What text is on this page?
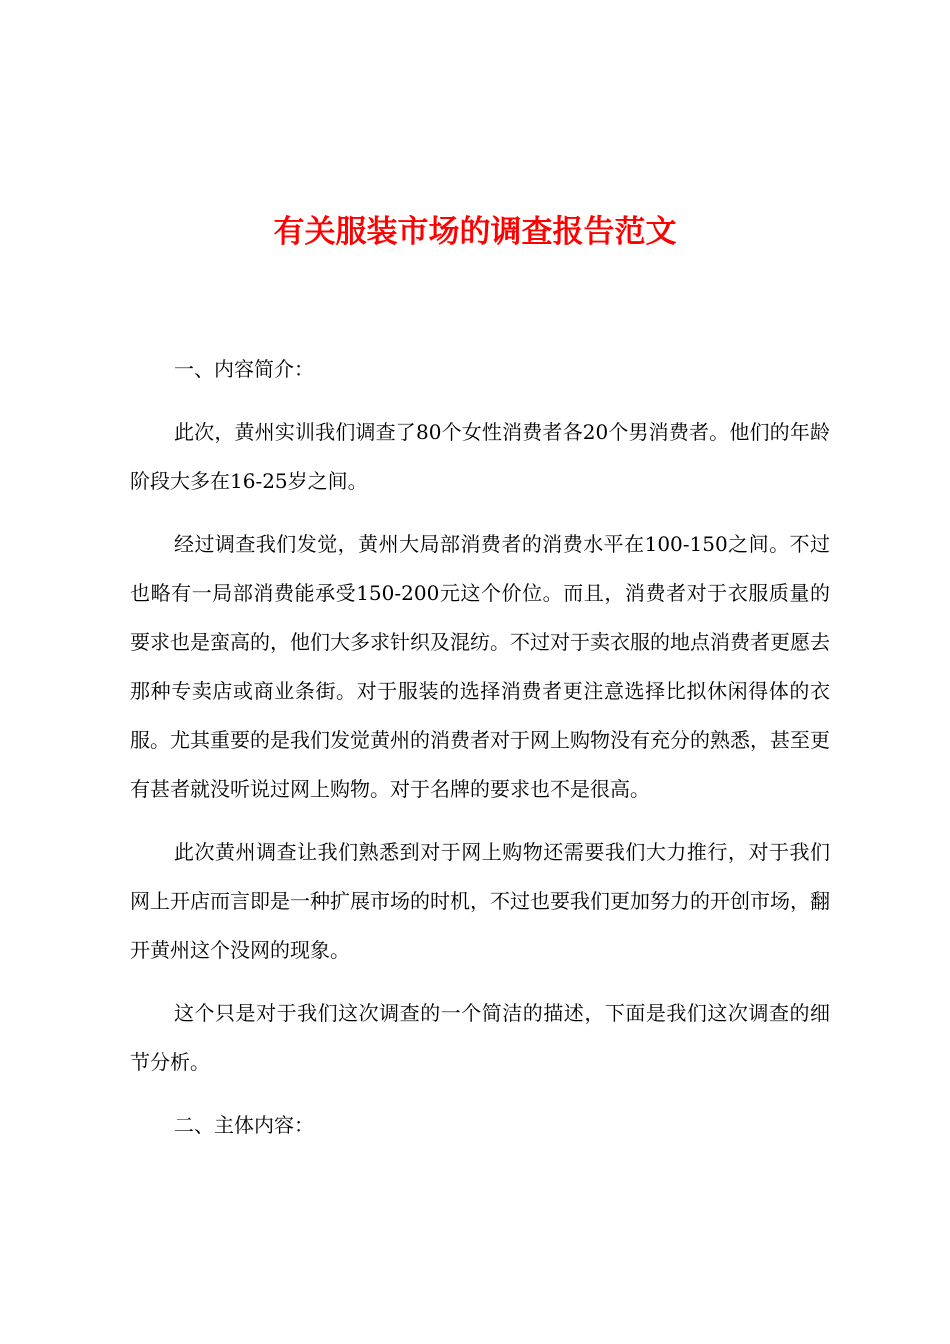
有关服装市场的调查报告范文

一、内容简介：

此次，黄州实训我们调查了80个女性消费者各20个男消费者。他们的年龄阶段大多在16-25岁之间。

经过调查我们发觉，黄州大局部消费者的消费水平在100-150之间。不过也略有一局部消费能承受150-200元这个价位。而且，消费者对于衣服质量的要求也是蛮高的，他们大多求针织及混纺。不过对于卖衣服的地点消费者更愿去那种专卖店或商业条街。对于服装的选择消费者更注意选择比拟休闲得体的衣服。尤其重要的是我们发觉黄州的消费者对于网上购物没有充分的熟悉，甚至更有甚者就没听说过网上购物。对于名牌的要求也不是很高。

此次黄州调查让我们熟悉到对于网上购物还需要我们大力推行，对于我们网上开店而言即是一种扩展市场的时机，不过也要我们更加努力的开创市场，翻开黄州这个没网的现象。

这个只是对于我们这次调查的一个简洁的描述，下面是我们这次调查的细节分析。

二、主体内容：
